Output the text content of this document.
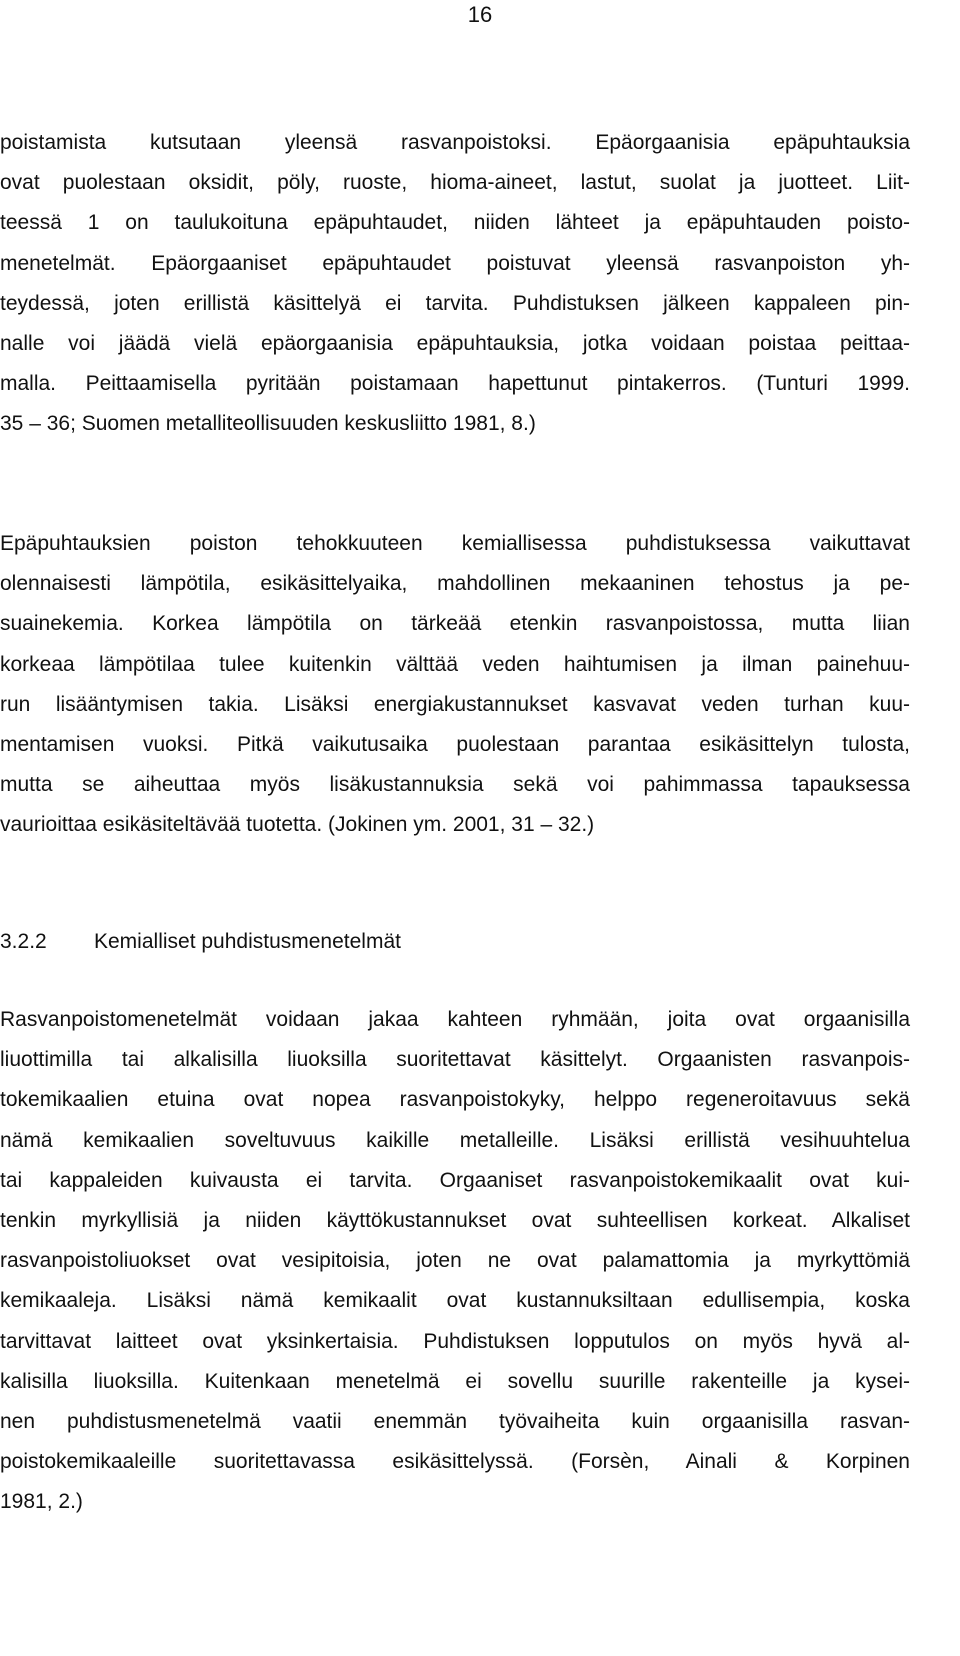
16

poistamista kutsutaan yleensä rasvanpoistoksi. Epäorgaanisia epäpuhtauksia
ovat puolestaan oksidit, pöly, ruoste, hioma-aineet, lastut, suolat ja juotteet. Liit-
teessä 1 on taulukoituna epäpuhtaudet, niiden lähteet ja epäpuhtauden poisto-
menetelmät. Epäorgaaniset epäpuhtaudet poistuvat yleensä rasvanpoiston yh-
teydessä, joten erillistä käsittelyä ei tarvita. Puhdistuksen jälkeen kappaleen pin-
nalle voi jäädä vielä epäorgaanisia epäpuhtauksia, jotka voidaan poistaa peittaa-
malla. Peittaamisella pyritään poistamaan hapettunut pintakerros. (Tunturi 1999.
35 – 36; Suomen metalliteollisuuden keskusliitto 1981, 8.)

Epäpuhtauksien poiston tehokkuuteen kemiallisessa puhdistuksessa vaikuttavat
olennaisesti lämpötila, esikäsittelyaika, mahdollinen mekaaninen tehostus ja pe-
suainekemia. Korkea lämpötila on tärkeää etenkin rasvanpoistossa, mutta liian
korkeaa lämpötilaa tulee kuitenkin välttää veden haihtumisen ja ilman painehuu-
run lisääntymisen takia. Lisäksi energiakustannukset kasvavat veden turhan kuu-
mentamisen vuoksi. Pitkä vaikutusaika puolestaan parantaa esikäsittelyn tulosta,
mutta se aiheuttaa myös lisäkustannuksia sekä voi pahimmassa tapauksessa
vaurioittaa esikäsiteltävää tuotetta. (Jokinen ym. 2001, 31 – 32.)

3.2.2 Kemialliset puhdistusmenetelmät

Rasvanpoistomenetelmät voidaan jakaa kahteen ryhmään, joita ovat orgaanisilla
liuottimilla tai alkalisilla liuoksilla suoritettavat käsittelyt. Orgaanisten rasvanpois-
tokemikaalien etuina ovat nopea rasvanpoistokyky, helppo regeneroitavuus sekä
nämä kemikaalien soveltuvuus kaikille metalleille. Lisäksi erillistä vesihuuhtelua
tai kappaleiden kuivausta ei tarvita. Orgaaniset rasvanpoistokemikaalit ovat kui-
tenkin myrkyllisiä ja niiden käyttökustannukset ovat suhteellisen korkeat. Alkaliset
rasvanpoistoliuokset ovat vesipitoisia, joten ne ovat palamattomia ja myrkyttömiä
kemikaaleja. Lisäksi nämä kemikaalit ovat kustannuksiltaan edullisempia, koska
tarvittavat laitteet ovat yksinkertaisia. Puhdistuksen lopputulos on myös hyvä al-
kalisilla liuoksilla. Kuitenkaan menetelmä ei sovellu suurille rakenteille ja kysei-
nen puhdistusmenetelmä vaatii enemmän työvaiheita kuin orgaanisilla rasvan-
poistokemikaaleille suoritettavassa esikäsittelyssä. (Forsèn, Ainali & Korpinen
1981, 2.)
